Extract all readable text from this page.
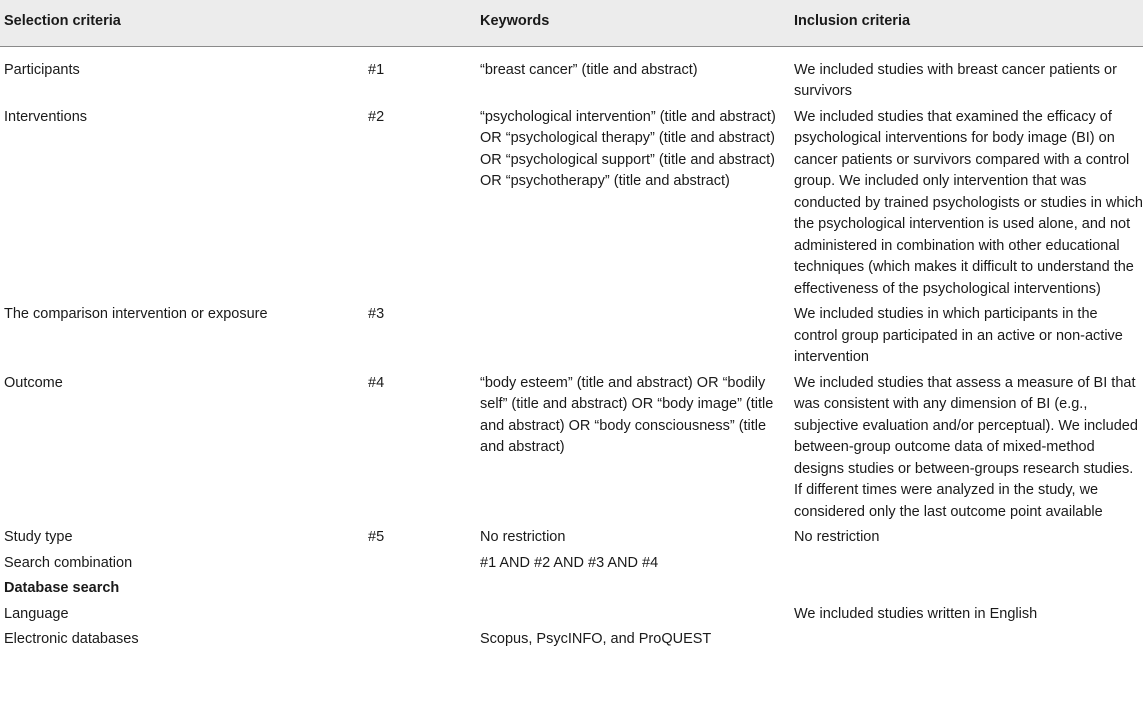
Selection criteria		Keywords	Inclusion criteria
Participants	#1	“breast cancer” (title and abstract)	We included studies with breast cancer patients or survivors
Interventions	#2	“psychological intervention” (title and abstract) OR “psychological therapy” (title and abstract) OR “psychological support” (title and abstract) OR “psychotherapy” (title and abstract)	We included studies that examined the efficacy of psychological interventions for body image (BI) on cancer patients or survivors compared with a control group. We included only intervention that was conducted by trained psychologists or studies in which the psychological intervention is used alone, and not administered in combination with other educational techniques (which makes it difficult to understand the effectiveness of the psychological interventions)
The comparison intervention or exposure	#3		We included studies in which participants in the control group participated in an active or non-active intervention
Outcome	#4	“body esteem” (title and abstract) OR “bodily self” (title and abstract) OR “body image” (title and abstract) OR “body consciousness” (title and abstract)	We included studies that assess a measure of BI that was consistent with any dimension of BI (e.g., subjective evaluation and/or perceptual). We included between-group outcome data of mixed-method designs studies or between-groups research studies. If different times were analyzed in the study, we considered only the last outcome point available
Study type	#5	No restriction	No restriction
Search combination		#1 AND #2 AND #3 AND #4	
Database search			
Language			We included studies written in English
Electronic databases		Scopus, PsycINFO, and ProQUEST	
